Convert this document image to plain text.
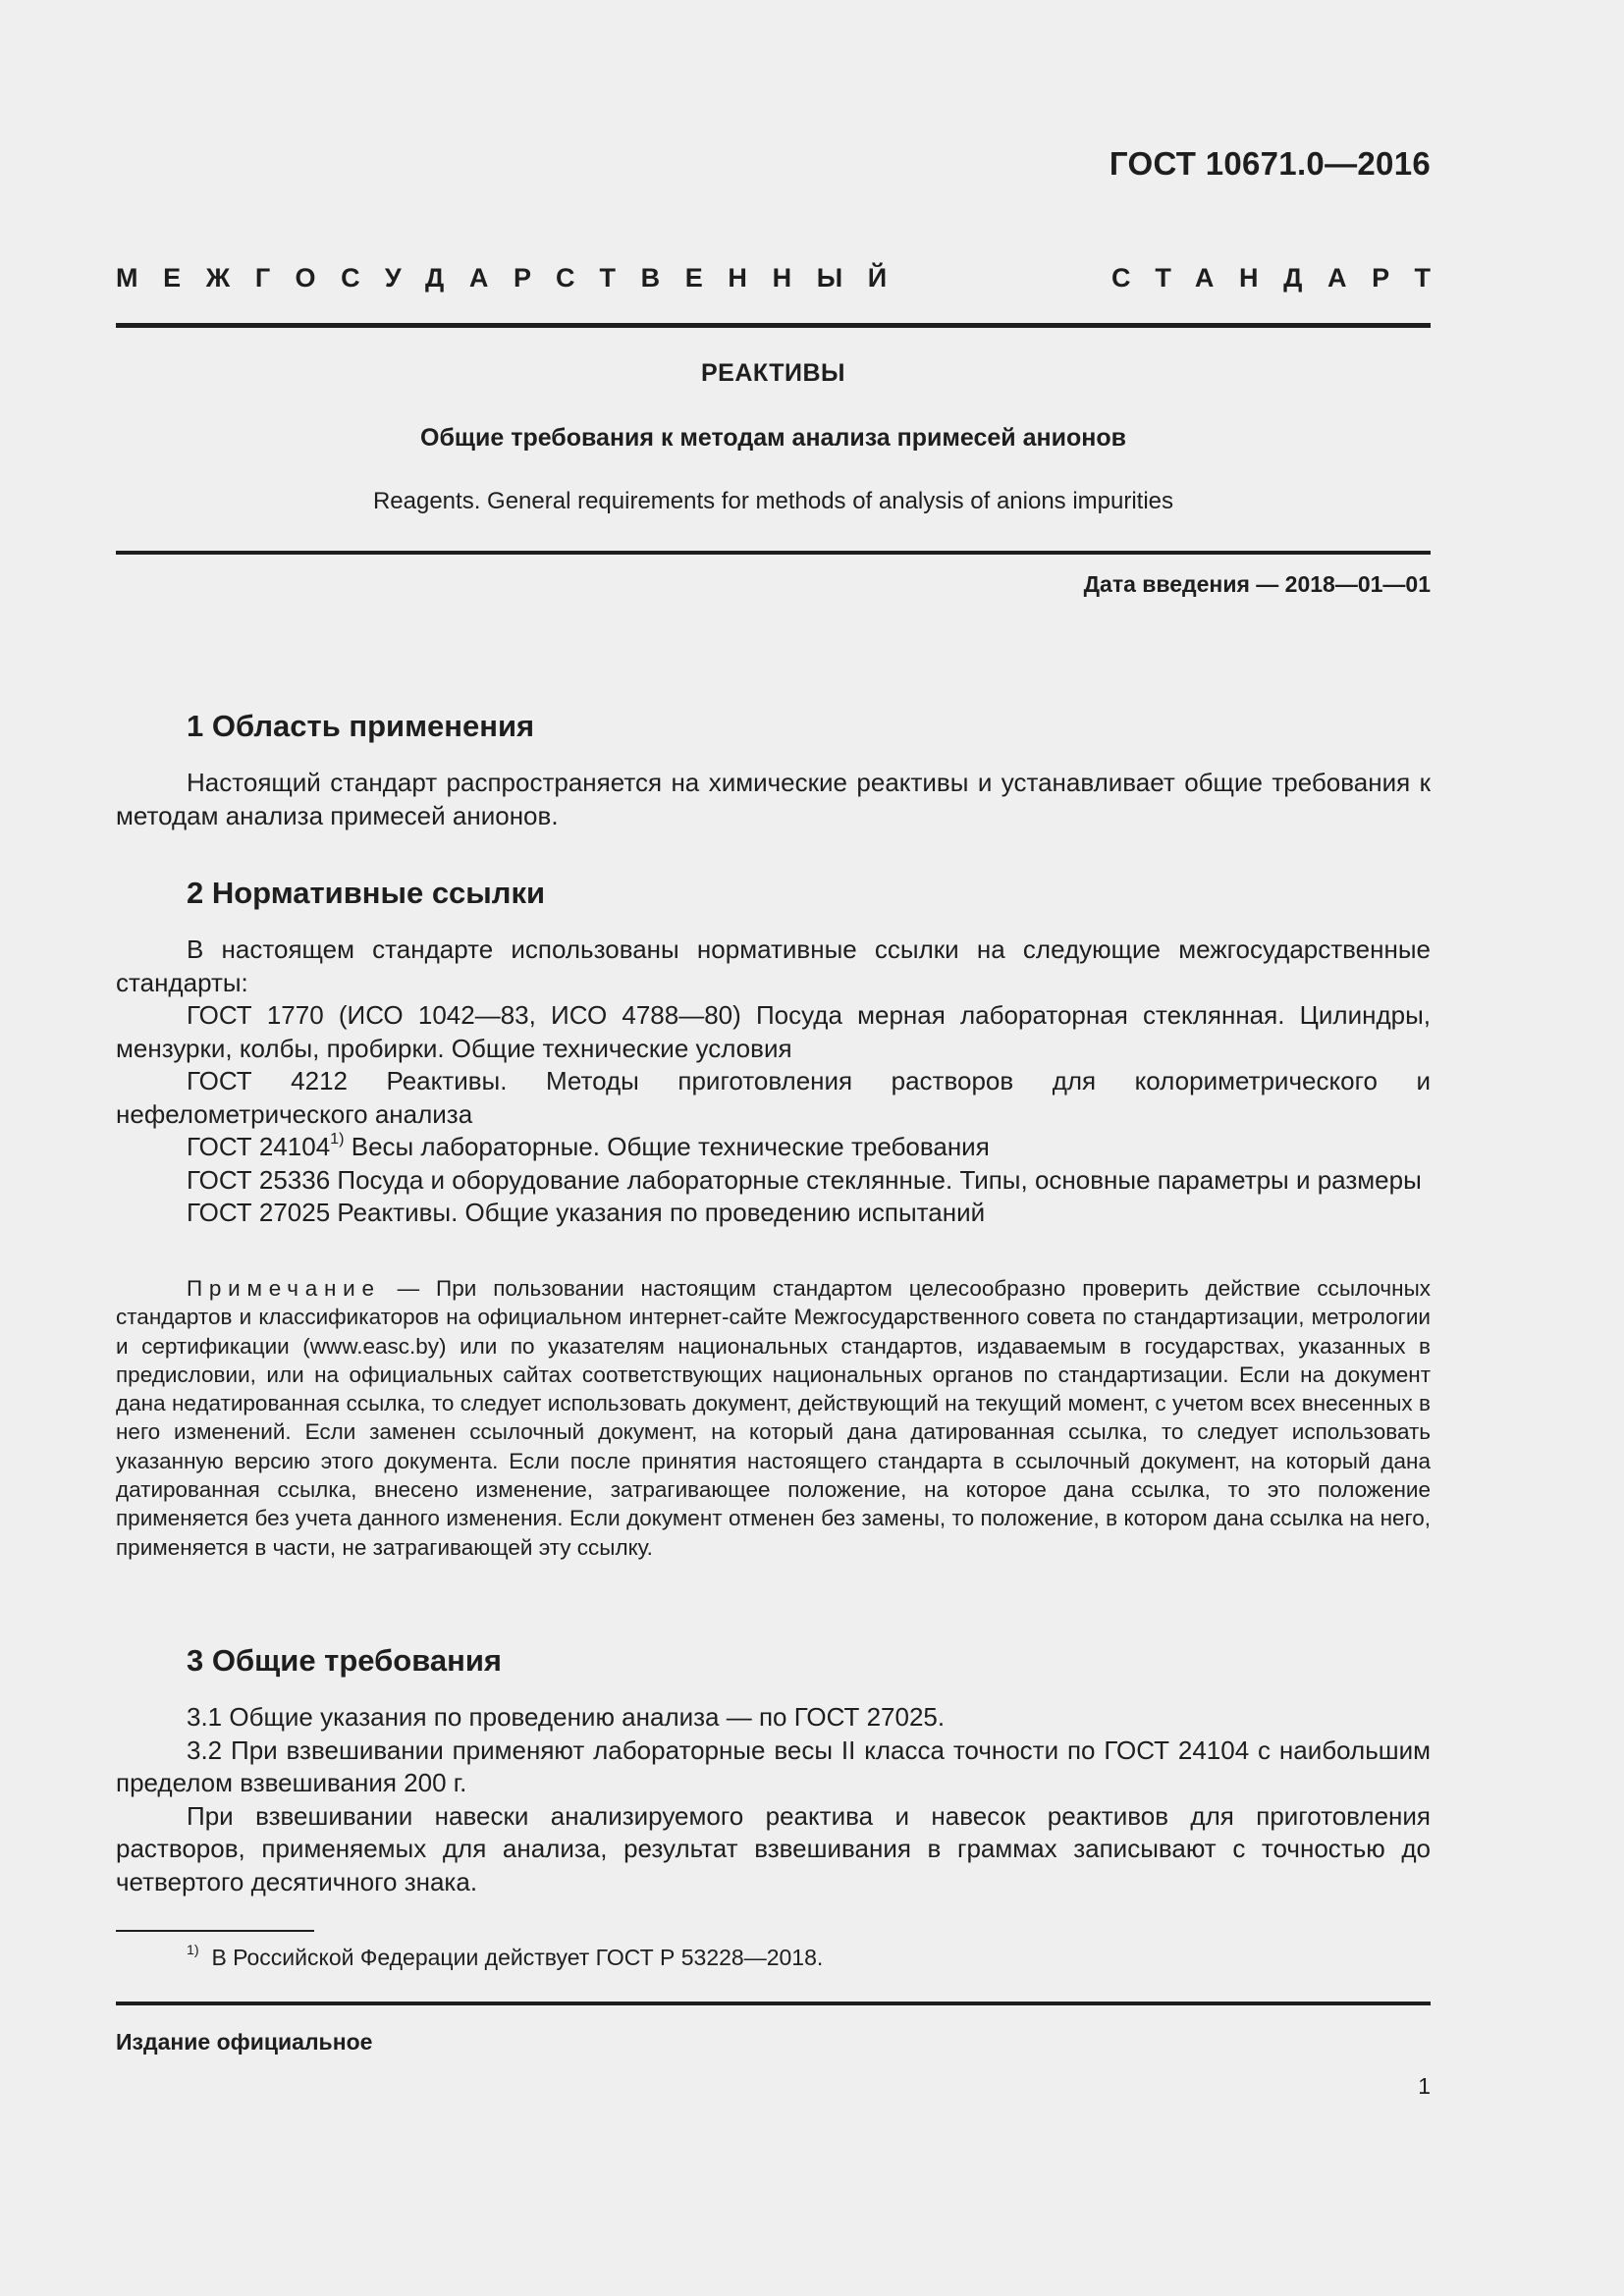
ГОСТ 10671.0—2016
МЕЖГОСУДАРСТВЕННЫЙ	СТАНДАРТ
РЕАКТИВЫ
Общие требования к методам анализа примесей анионов
Reagents. General requirements for methods of analysis of anions impurities
Дата введения — 2018—01—01
1 Область применения

Настоящий стандарт распространяется на химические реактивы и устанавливает общие требования к методам анализа примесей анионов.

2 Нормативные ссылки

В настоящем стандарте использованы нормативные ссылки на следующие межгосударственные стандарты:

ГОСТ 1770 (ИСО 1042—83, ИСО 4788—80) Посуда мерная лабораторная стеклянная. Цилиндры, мензурки, колбы, пробирки. Общие технические условия

ГОСТ 4212 Реактивы. Методы приготовления растворов для колориметрического и нефелометрического анализа

ГОСТ 24104$^{1)}$ Весы лабораторные. Общие технические требования

ГОСТ 25336 Посуда и оборудование лабораторные стеклянные. Типы, основные параметры и размеры

ГОСТ 27025 Реактивы. Общие указания по проведению испытаний

Примечание — При пользовании настоящим стандартом целесообразно проверить действие ссылочных стандартов и классификаторов на официальном интернет-сайте Межгосударственного совета по стандартизации, метрологии и сертификации (www.easc.by) или по указателям национальных стандартов, издаваемым в государствах, указанных в предисловии, или на официальных сайтах соответствующих национальных органов по стандартизации. Если на документ дана недатированная ссылка, то следует использовать документ, действующий на текущий момент, с учетом всех внесенных в него изменений. Если заменен ссылочный документ, на который дана датированная ссылка, то следует использовать указанную версию этого документа. Если после принятия настоящего стандарта в ссылочный документ, на который дана датированная ссылка, внесено изменение, затрагивающее положение, на которое дана ссылка, то это положение применяется без учета данного изменения. Если документ отменен без замены, то положение, в котором дана ссылка на него, применяется в части, не затрагивающей эту ссылку.

3 Общие требования

3.1 Общие указания по проведению анализа — по ГОСТ 27025.

3.2 При взвешивании применяют лабораторные весы II класса точности по ГОСТ 24104 с наибольшим пределом взвешивания 200 г.

При взвешивании навески анализируемого реактива и навесок реактивов для приготовления растворов, применяемых для анализа, результат взвешивания в граммах записывают с точностью до четвертого десятичного знака.

$^{1)}$ В Российской Федерации действует ГОСТ Р 53228—2018.
Издание официальное
1
